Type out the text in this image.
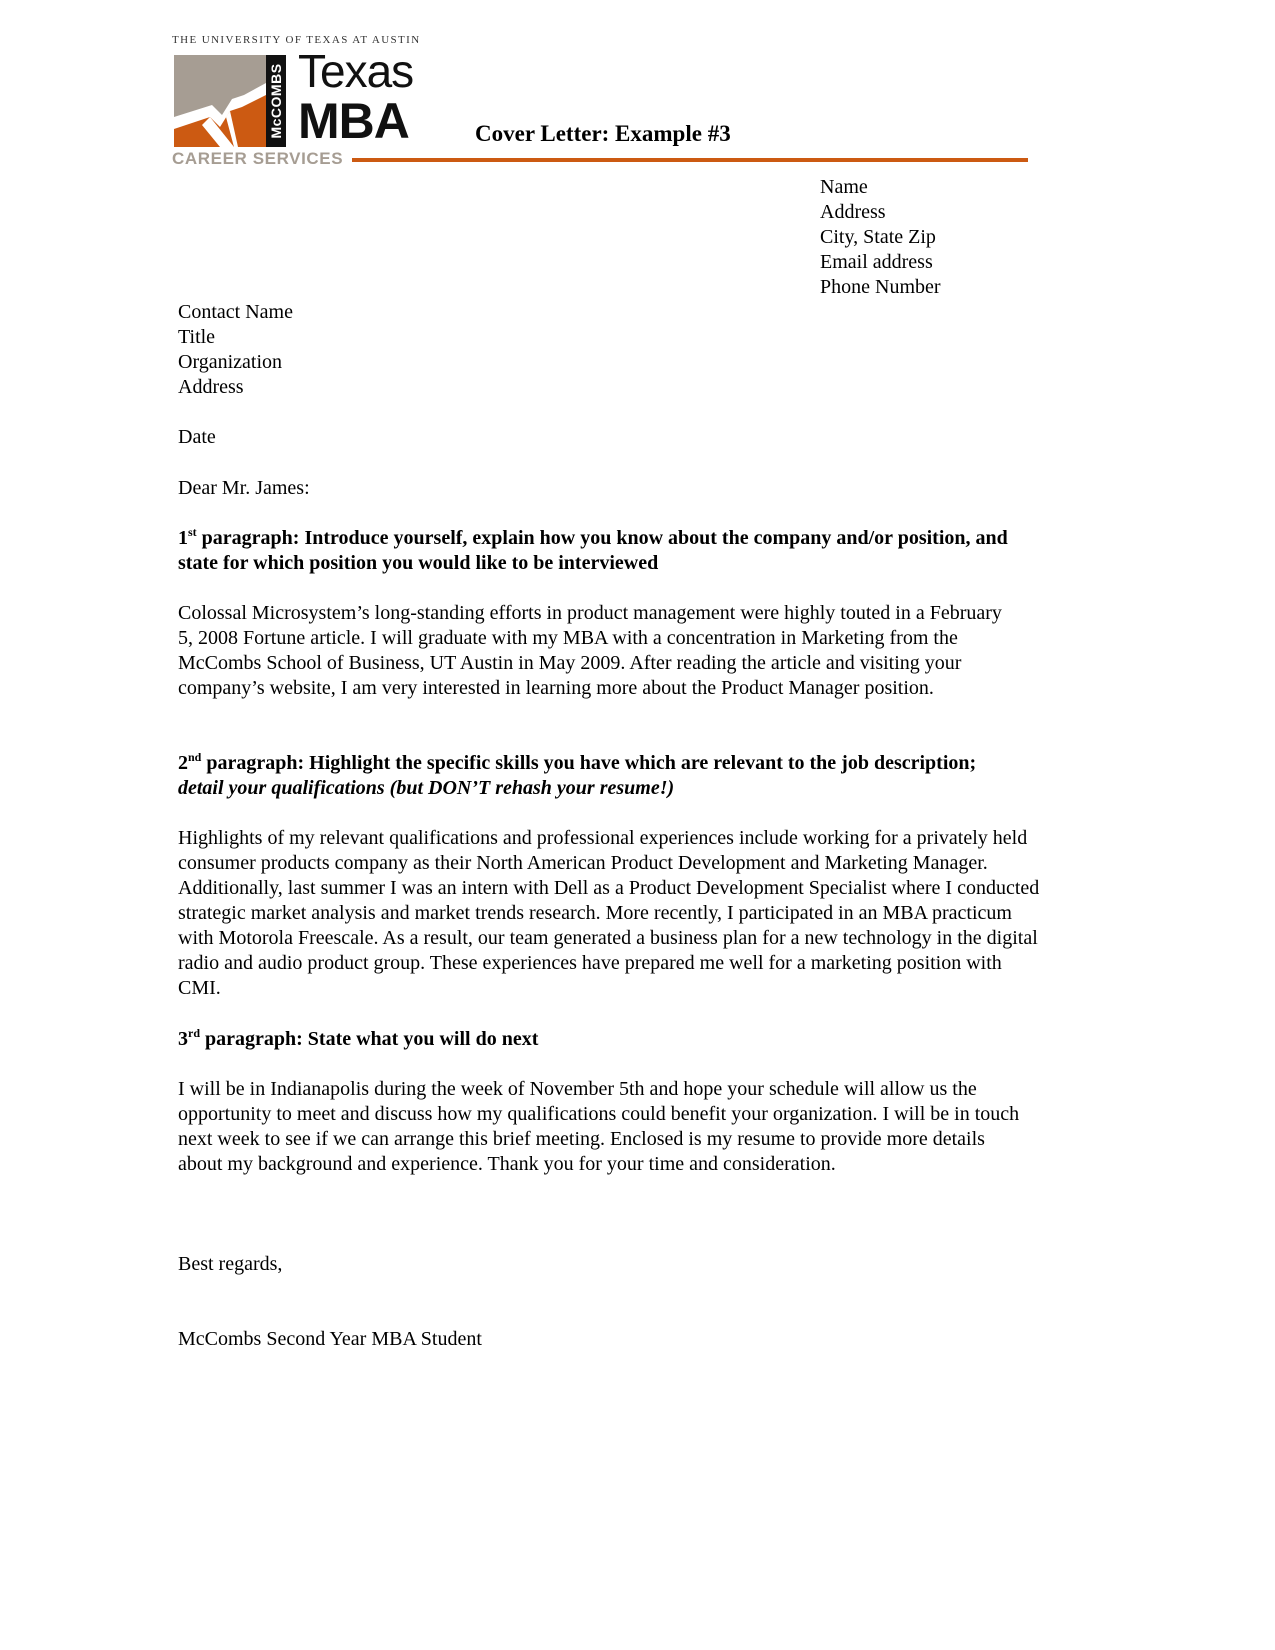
THE UNIVERSITY OF TEXAS AT AUSTIN
McCOMBS Texas
MBA
CAREER SERVICES
Cover Letter: Example #3
Name
Address
City, State Zip
Email address
Phone Number
Contact Name
Title
Organization
Address
Date
Dear Mr. James:
1st paragraph: Introduce yourself, explain how you know about the company and/or position, and state for which position you would like to be interviewed
Colossal Microsystem’s long-standing efforts in product management were highly touted in a February 5, 2008 Fortune article. I will graduate with my MBA with a concentration in Marketing from the McCombs School of Business, UT Austin in May 2009. After reading the article and visiting your company’s website, I am very interested in learning more about the Product Manager position.
2nd paragraph: Highlight the specific skills you have which are relevant to the job description;
detail your qualifications (but DON’T rehash your resume!)
Highlights of my relevant qualifications and professional experiences include working for a privately held consumer products company as their North American Product Development and Marketing Manager. Additionally, last summer I was an intern with Dell as a Product Development Specialist where I conducted strategic market analysis and market trends research. More recently, I participated in an MBA practicum with Motorola Freescale. As a result, our team generated a business plan for a new technology in the digital radio and audio product group. These experiences have prepared me well for a marketing position with CMI.
3rd paragraph: State what you will do next
I will be in Indianapolis during the week of November 5th and hope your schedule will allow us the opportunity to meet and discuss how my qualifications could benefit your organization. I will be in touch next week to see if we can arrange this brief meeting. Enclosed is my resume to provide more details about my background and experience. Thank you for your time and consideration.
Best regards,
McCombs Second Year MBA Student
